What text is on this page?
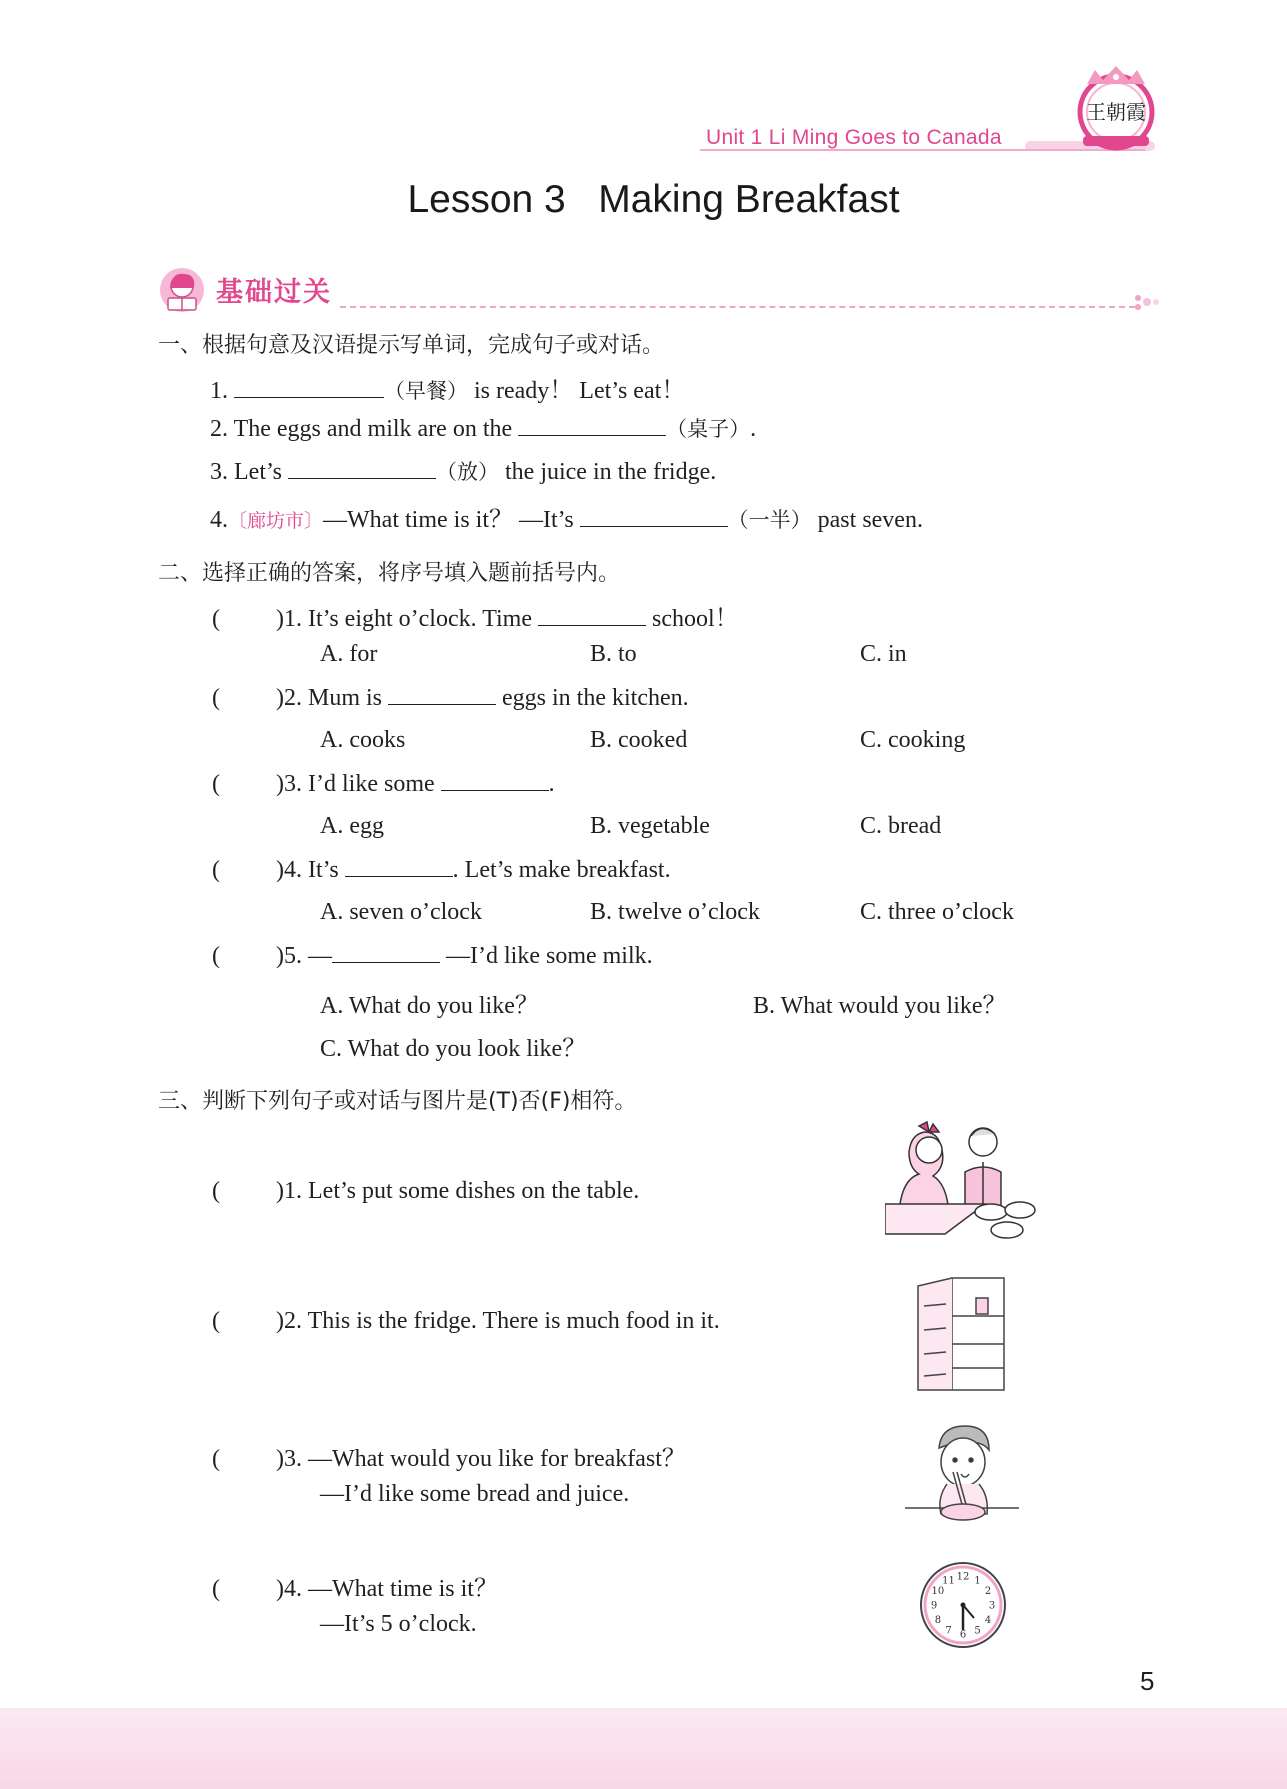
Unit 1 Li Ming Goes to Canada
王朝霞
Lesson 3   Making Breakfast
基础过关
一、根据句意及汉语提示写单词，完成句子或对话。
1.	（早餐） is ready！ Let’s eat！
2. The eggs and milk are on the	（桌子）.
3. Let’s	（放） the juice in the fridge.
4.〔廊坊市〕—What time is it？ —It’s	（一半） past seven.
二、选择正确的答案，将序号填入题前括号内。
( )1. It’s eight o’clock. Time	school！
A. for	B. to	C. in
( )2. Mum is	eggs in the kitchen.
A. cooks	B. cooked	C. cooking
( )3. I’d like some	.
A. egg	B. vegetable	C. bread
( )4. It’s	. Let’s make breakfast.
A. seven o’clock	B. twelve o’clock	C. three o’clock
( )5. —	—I’d like some milk.
A. What do you like？	B. What would you like？
C. What do you look like？
三、判断下列句子或对话与图片是(T)否(F)相符。
( )1. Let’s put some dishes on the table.
( )2. This is the fridge. There is much food in it.
( )3. —What would you like for breakfast？
—I’d like some bread and juice.
( )4. —What time is it？
—It’s 5 o’clock.
12 1
2
3
4
5
6
7
8
9
10
11
5
